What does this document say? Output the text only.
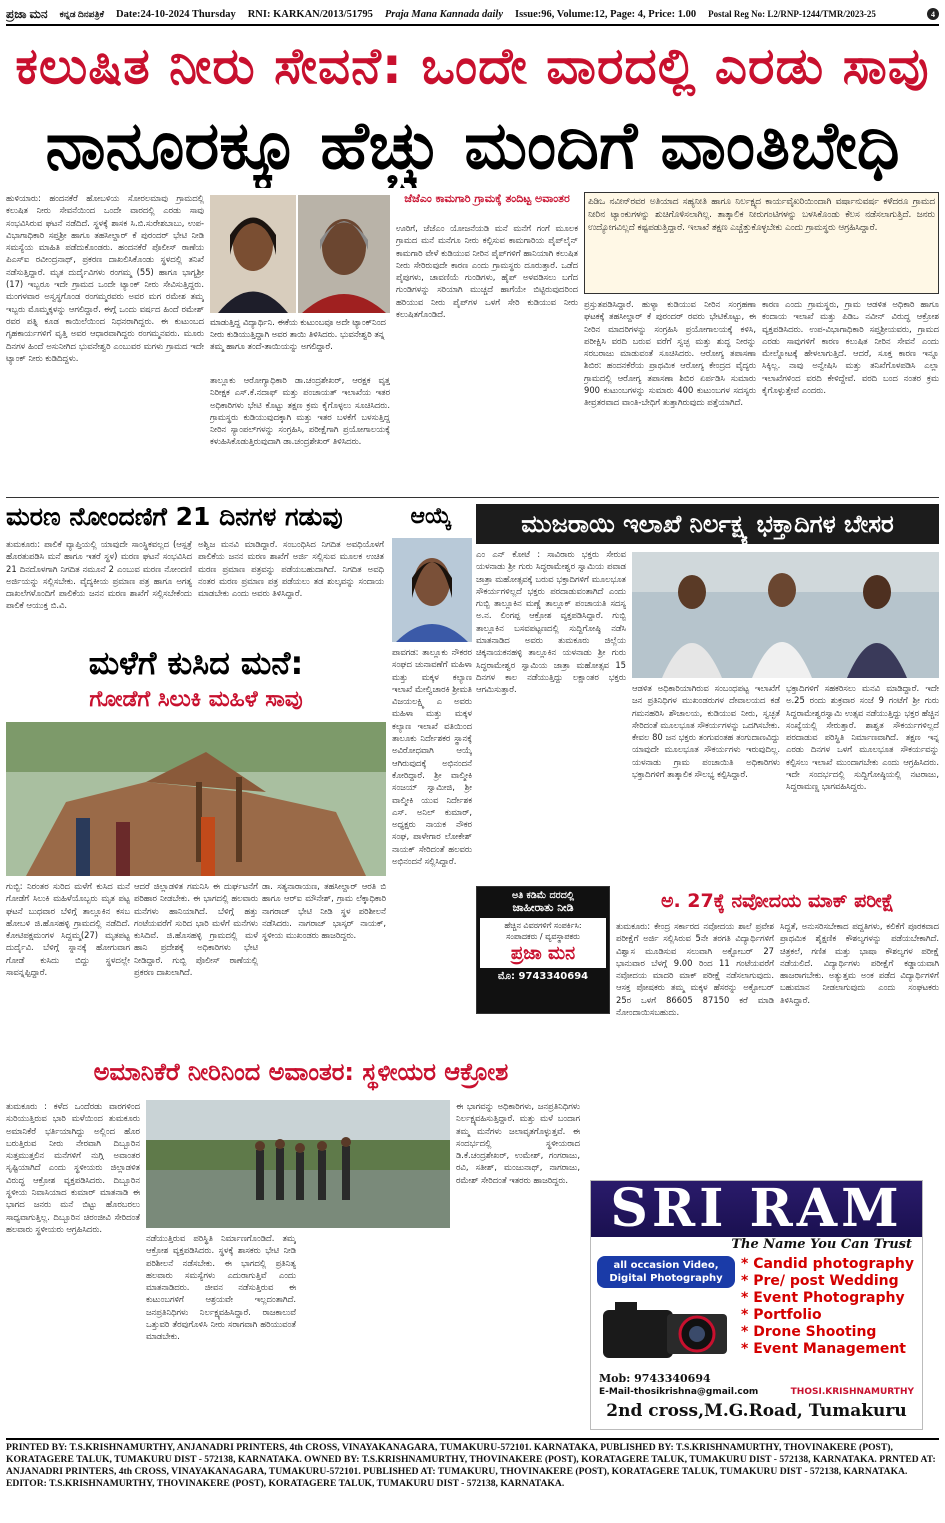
ಪ್ರಜಾ ಮನ ಕನ್ನಡ ದಿನಪತ್ರಿಕೆ Date:24-10-2024 Thursday RNI: KARKAN/2013/51795 Praja Mana Kannada daily Issue:96, Volume:12, Page: 4, Price: 1.00 Postal Reg No: L2/RNP-1244/TMR/2023-25	4
ಕಲುಷಿತ ನೀರು ಸೇವನೆ: ಒಂದೇ ವಾರದಲ್ಲಿ ಎರಡು ಸಾವು
ನಾನೂರಕ್ಕೂ ಹೆಚ್ಚು ಮಂದಿಗೆ ವಾಂತಿಬೇಧಿ
ಹುಳಿಯಾರು: ಹಂದನಕೆರೆ ಹೋಬಳಿಯ ಸೋರಲಮಾವು ಗ್ರಾಮದಲ್ಲಿ ಕಲುಷಿತ ನೀರು ಸೇವನೆಯಿಂದ ಒಂದೇ ವಾರದಲ್ಲಿ ಎರಡು ಸಾವು ಸಂಭವಿಸಿರುವ ಘಟನೆ ನಡೆದಿದೆ. ಸ್ಥಳಕ್ಕೆ ಶಾಸಕ ಸಿ.ಬಿ.ಸುರೇಶಬಾಬು, ಉಪ-ವಿಭಾಗಾಧಿಕಾರಿ ಸಪ್ತಶ್ರೀ ಹಾಗೂ ತಹಸೀಲ್ದಾರ್ ಕೆ ಪುರಂದರ್ ಭೇಟಿ ನೀಡಿ ಸಮಸ್ಯೆಯ ಮಾಹಿತಿ ಪಡೆದುಕೊಂಡರು. ಹಂದನಕೆರೆ ಪೊಲೀಸ್ ಠಾಣೆಯ ಪಿಎಸ್ಐ ರವೀಂದ್ರನಾಥ್, ಪ್ರಕರಣ ದಾಖಲಿಸಿಕೊಂಡು ಸ್ಥಳದಲ್ಲಿ ತನಿಖೆ ನಡೆಸುತ್ತಿದ್ದಾರೆ. ಮೃತ ದುರ್ದೈವಿಗಳು ರಂಗಮ್ಮ (55) ಹಾಗೂ ಭಾಗ್ಯಶ್ರೀ (17) ಇಬ್ಬರೂ ಇದೇ ಗ್ರಾಮದ ಒಂದೇ ಟ್ಯಾಂಕ್ ನೀರು ಸೇವಿಸುತ್ತಿದ್ದರು. ಮಂಗಳವಾರ ಅಸ್ವಸ್ಥಗೊಂಡ ರಂಗಮ್ಮರವರು ಅವರ ಮಗ ರಮೇಶ ತಮ್ಮ ಇಬ್ಬರು ಮೊಮ್ಮಕ್ಕಳನ್ನು ಆಗಲಿದ್ದಾರೆ. ಈಗ್ಗೆ ಒಂದು ವರ್ಷದ ಹಿಂದೆ ರಮೇಶ್ ರವರ ಪತ್ನಿ ಕೂಡ ಕಾಯಿಲೆಯಿಂದ ನಿಧನರಾಗಿದ್ದರು. ಈ ಕುಟುಂಬದ ಗೃಹಕಾರ್ಯಗಳಿಗೆ ವೃತ್ತಿ ಅವರ ಆಧಾರವಾಗಿದ್ದರು ರಂಗಮ್ಮನವರು. ಮೂರು ದಿನಗಳ ಹಿಂದೆ ಅಸುನೀಗಿದ ಭುವನೇಶ್ವರಿ ಎಂಬುವರ ಮಗಳು ಗ್ರಾಮದ ಇದೇ ಟ್ಯಾಂಕ್ ನೀರು ಕುಡಿದಿದ್ದಳು.
ಮಾಡುತ್ತಿದ್ದ ವಿದ್ಯಾರ್ಥಿನಿ. ಈಕೆಯ ಕುಟುಂಬವೂ ಅದೇ ಟ್ಯಾಂಕ್‌ನಿಂದ ನೀರು ಕುಡಿಯುತ್ತಿದ್ದಾಗಿ ಅವರ ತಾಯಿ ತಿಳಿಸಿದರು. ಭುವನೇಶ್ವರಿ ತನ್ನ ತಮ್ಮ ಹಾಗೂ ತಂದೆ-ತಾಯಿಯನ್ನು ಅಗಲಿದ್ದಾರೆ.
ತಾಲ್ಲೂಕು ಆರೋಗ್ಯಾಧಿಕಾರಿ ಡಾ.ಚಂದ್ರಶೇಖರ್, ಆರಕ್ಷಕ ವೃತ್ತ ನಿರೀಕ್ಷಕ ಎಸ್.ಕೆ.ನದಾಫ್ ಮತ್ತು ಪಂಚಾಯತ್ ಇಲಾಖೆಯ ಇತರ ಅಧಿಕಾರಿಗಳು ಭೇಟಿ ಕೊಟ್ಟು ತಕ್ಷಣ ಕ್ರಮ ಕೈಗೊಳ್ಳಲು ಸೂಚಿಸಿದರು. ಗ್ರಾಮಸ್ಥರು ಕುಡಿಯುವುದಕ್ಕಾಗಿ ಮತ್ತು ಇತರ ಬಳಕೆಗೆ ಬಳಸುತ್ತಿದ್ದ ನೀರಿನ ಸ್ಯಾಂಪಲ್‌ಗಳನ್ನು ಸಂಗ್ರಹಿಸಿ, ಪರೀಕ್ಷೆಗಾಗಿ ಪ್ರಯೋಗಾಲಯಕ್ಕೆ ಕಳುಹಿಸಿಕೊಡುತ್ತಿರುವುದಾಗಿ ಡಾ.ಚಂದ್ರಶೇಖರ್ ತಿಳಿಸಿದರು.
ಜೆಜೆಎಂ ಕಾಮಗಾರಿ ಗ್ರಾಮಕ್ಕೆ ತಂದಿಟ್ಟ ಅವಾಂತರ
ಊರಿಗೆ, ಜೆಜೆಎಂ ಯೋಜನೆಯಡಿ ಮನೆ ಮನೆಗೆ ಗಂಗೆ ಮೂಲಕ ಗ್ರಾಮದ ಮನೆ ಮನೆಗೂ ನೀರು ಕಲ್ಪಿಸುವ ಕಾಮಗಾರಿಯ ಪೈಪ್‌ಲೈನ್ ಕಾಮಗಾರಿ ವೇಳೆ ಕುಡಿಯುವ ನೀರಿನ ಪೈಪ್‌ಗಳಿಗೆ ಹಾನಿಯಾಗಿ ಕಲುಷಿತ ನೀರು ಸೇರಿರುವುದೇ ಕಾರಣ ಎಂದು ಗ್ರಾಮಸ್ಥರು ದೂರುತ್ತಾರೆ. ಒಡೆದ ಪೈಪುಗಳು, ಚಾವಣಿಯೆ ಗುಂಡಿಗಳು, ಹೈಪ್ ಅಳವಡಿಸಲು ಬಗೆದ ಗುಂಡಿಗಳನ್ನು ಸರಿಯಾಗಿ ಮುಚ್ಚದೆ ಹಾಗೆಯೇ ಬಿಟ್ಟಿರುವುದರಿಂದ ಹರಿಯುವ ನೀರು ಪೈಪ್‌ಗಳ ಒಳಗೆ ಸೇರಿ ಕುಡಿಯುವ ನೀರು ಕಲುಷಿತಗೊಂಡಿದೆ.
ಪಿಡಿಒ ನವೀನ್‌ರವರ ಅತಿಯಾದ ಸಹ್ಯನೀತಿ ಹಾಗೂ ನಿರ್ಲಕ್ಷ್ಯದ ಕಾರ್ಯವೈಖರಿಯಿಂದಾಗಿ ವರ್ಷಾನುವರ್ಷ ಕಳೆದರೂ ಗ್ರಾಮದ ನೀರಿನ ಟ್ಯಾಂಕುಗಳನ್ನು ಶುಚಿಗೊಳಿಸಲಾಗಿಲ್ಲ. ತಾತ್ಕಾಲಿಕ ನೀರುಗಂಟಿಗಳನ್ನು ಬಳಸಿಕೊಂಡು ಕೆಲಸ ನಡೆಸಲಾಗುತ್ತಿದೆ. ಜನರು ಉದ್ಯೋಗವಿಲ್ಲದೆ ಕಷ್ಟಪಡುತ್ತಿದ್ದಾರೆ. ಇಲಾಖೆ ತಕ್ಷಣ ಎಚ್ಚೆತ್ತುಕೊಳ್ಳಬೇಕು ಎಂದು ಗ್ರಾಮಸ್ಥರು ಆಗ್ರಹಿಸಿದ್ದಾರೆ.
ಪ್ರಸ್ತುತಪಡಿಸಿದ್ದಾರೆ. ಹುಳ್ಯಾ ಕುಡಿಯುವ ನೀರಿನ ಸಂಗ್ರಹಣಾ ಘಟಕಕ್ಕೆ ತಹಸೀಲ್ದಾರ್ ಕೆ ಪುರಂದರ್ ರವರು ಭೇಟಿಕೊಟ್ಟು, ಈ ನೀರಿನ ಮಾದರಿಗಳನ್ನು ಸಂಗ್ರಹಿಸಿ ಪ್ರಯೋಗಾಲಯಕ್ಕೆ ಕಳಿಸಿ, ಪರೀಕ್ಷಿಸಿ ವರದಿ ಬರುವ ವರೆಗೆ ಸ್ವಚ್ಛ ಮತ್ತು ಶುದ್ಧ ನೀರನ್ನು ಸರಬರಾಜು ಮಾಡುವಂತೆ ಸೂಚಿಸಿದರು. ಆರೋಗ್ಯ ತಪಾಸಣಾ ಶಿಬಿರ: ಹಂದನಕೆರೆಯ ಪ್ರಾಥಮಿಕ ಆರೋಗ್ಯ ಕೇಂದ್ರದ ವೈದ್ಯರು ಗ್ರಾಮದಲ್ಲಿ ಆರೋಗ್ಯ ತಪಾಸಣಾ ಶಿಬಿರ ಏರ್ಪಡಿಸಿ ಸುಮಾರು 900 ಕುಟುಂಬಗಳನ್ನು ಸುಮಾರು 400 ಕುಟುಂಬಗಳ ಸದಸ್ಯರು ತೀವ್ರತರವಾದ ವಾಂತಿ-ಬೇಧಿಗೆ ತುತ್ತಾಗಿರುವುದು ಪತ್ತೆಯಾಗಿದೆ.
ಕಾರಣ ಎಂದು ಗ್ರಾಮಸ್ಥರು, ಗ್ರಾಮ ಆಡಳಿತ ಅಧಿಕಾರಿ ಹಾಗೂ ಕಂದಾಯ ಇಲಾಖೆ ಮತ್ತು ಪಿಡಿಒ ನವೀನ್ ವಿರುದ್ಧ ಆಕ್ರೋಶ ವ್ಯಕ್ತಪಡಿಸಿದರು. ಉಪ-ವಿಭಾಗಾಧಿಕಾರಿ ಸಪ್ತಶ್ರೀಯವರು, ಗ್ರಾಮದ ಎರಡು ಸಾವುಗಳಿಗೆ ಕಾರಣ ಕಲುಷಿತ ನೀರಿನ ಸೇವನೆ ಎಂದು ಮೇಲ್ನೋಟಕ್ಕೆ ಹೇಳಲಾಗುತ್ತಿದೆ. ಆದರೆ, ಸೂಕ್ತ ಕಾರಣ ಇನ್ನೂ ಸಿಕ್ಕಿಲ್ಲ. ನಾವು ಅನ್ವೇಷಿಸಿ ಮತ್ತು ತನಿಖೆಗೊಳಪಡಿಸಿ ಎಲ್ಲಾ ಇಲಾಖೆಗಳಿಂದ ವರದಿ ಕೇಳಿದ್ದೇವೆ. ವರದಿ ಬಂದ ನಂತರ ಕ್ರಮ ಕೈಗೊಳ್ಳುತ್ತೇವೆ ಎಂದರು.
ಮರಣ ನೋಂದಣಿಗೆ 21 ದಿನಗಳ ಗಡುವು
ತುಮಕೂರು: ಪಾಲಿಕೆ ವ್ಯಾಪ್ತಿಯಲ್ಲಿ ಯಾವುದೇ ಸಾಂಸ್ಥಿಕವಲ್ಲದ (ಆಸ್ಪತ್ರೆ ಹೊರತುಪಡಿಸಿ ಮನೆ ಹಾಗೂ ಇತರೆ ಸ್ಥಳ) ಮರಣ ಘಟನೆ ಸಂಭವಿಸಿದ 21 ದಿನದೊಳಗಾಗಿ ನಿಗದಿತ ನಮೂನೆ 2 ಎಂಬುವ ಮರಣ ನೋಂದಣಿ ಅರ್ಜಿಯನ್ನು ಸಲ್ಲಿಸಬೇಕು. ವೈದ್ಯಕೀಯ ಪ್ರಮಾಣ ಪತ್ರ ಹಾಗೂ ಅಗತ್ಯ ದಾಖಲೆಗಳೊಂದಿಗೆ ಪಾಲಿಕೆಯ ಜನನ ಮರಣ ಶಾಖೆಗೆ ಸಲ್ಲಿಸಬೇಕೆಂದು ಪಾಲಿಕೆ ಆಯುಕ್ತ ಬಿ.ವಿ.
ಅಶ್ವಿಜ ಮನವಿ ಮಾಡಿದ್ದಾರೆ. ಸಂಬಂಧಿಸಿದ ನಿಗದಿತ ಅವಧಿಯೊಳಗೆ ಪಾಲಿಕೆಯ ಜನನ ಮರಣ ಶಾಖೆಗೆ ಅರ್ಜಿ ಸಲ್ಲಿಸುವ ಮೂಲಕ ಉಚಿತ ಮರಣ ಪ್ರಮಾಣ ಪತ್ರವನ್ನು ಪಡೆಯಬಹುದಾಗಿದೆ. ನಿಗದಿತ ಅವಧಿ ನಂತರ ಮರಣ ಪ್ರಮಾಣ ಪತ್ರ ಪಡೆಯಲು ತಡ ಶುಲ್ಕವನ್ನು ಸಂದಾಯ ಮಾಡಬೇಕು ಎಂದು ಅವರು ತಿಳಿಸಿದ್ದಾರೆ.
ಆಯ್ಕೆ
ಪಾವಗಡ: ತಾಲ್ಲೂಕು ನೌಕರರ ಸಂಘದ ಚುನಾವಣೆಗೆ ಮಹಿಳಾ ಮತ್ತು ಮಕ್ಕಳ ಕಲ್ಯಾಣ ಇಲಾಖೆ ಮೇಲ್ವಿಚಾರಕಿ ಶ್ರೀಮತಿ ವಿಜಯಲಕ್ಷ್ಮಿ ಎ ಅವರು ಮಹಿಳಾ ಮತ್ತು ಮಕ್ಕಳ ಕಲ್ಯಾಣ ಇಲಾಖೆ ವತಿಯಿಂದ ತಾಲೂಕು ನಿರ್ದೇಶಕರ ಸ್ಥಾನಕ್ಕೆ ಅವಿರೋಧವಾಗಿ ಆಯ್ಕೆ ಆಗಿರುವುದಕ್ಕೆ ಅಭಿನಂದನೆ ಕೋರಿದ್ದಾರೆ. ಶ್ರೀ ವಾಲ್ಮೀಕಿ ಸಂಜಯ್ ಸ್ವಾಮೀಜಿ, ಶ್ರೀ ವಾಲ್ಮೀಕಿ ಯುವ ನಿರ್ದೇಶಕ ಎಸ್. ಅನಿಲ್ ಕುಮಾರ್, ಅಧ್ಯಕ್ಷರು ನಾಯಕ ನೌಕರ ಸಂಘ, ಪಾಳೇಗಾರ ಲೋಕೇಶ್ ನಾಯಕ್ ಸೇರಿದಂತೆ ಹಲವರು ಅಭಿನಂದನೆ ಸಲ್ಲಿಸಿದ್ದಾರೆ.
ಮುಜರಾಯಿ ಇಲಾಖೆ ನಿರ್ಲಕ್ಷ್ಯ ಭಕ್ತಾದಿಗಳ ಬೇಸರ
ಎಂ ಎನ್ ಕೋಟೆ : ಸಾವಿರಾರು ಭಕ್ತರು ಸೇರುವ ಯಳನಾಡು ಶ್ರೀ ಗುರು ಸಿದ್ಧರಾಮೇಶ್ವರ ಸ್ವಾಮಿಯ ಪವಾಡ ಜಾತ್ರಾ ಮಹೋತ್ಸವಕ್ಕೆ ಬರುವ ಭಕ್ತಾದಿಗಳಿಗೆ ಮೂಲಭೂತ ಸೌಕರ್ಯಗಳಿಲ್ಲದೆ ಭಕ್ತರು ಪರದಾಡುವಂತಾಗಿದೆ ಎಂದು ಗುಬ್ಬಿ ತಾಲ್ಲೂಕಿನ ಮಣ್ಣೆ ತಾಲ್ಲೂಕ್ ಪಂಚಾಯತಿ ಸದಸ್ಯ ಅ.ನ. ಲಿಂಗಪ್ಪ ಆಕ್ರೋಶ ವ್ಯಕ್ತಪಡಿಸಿದ್ದಾರೆ. ಗುಬ್ಬಿ ತಾಲ್ಲೂಕಿನ ಬಸವಪಟ್ಟಣದಲ್ಲಿ ಸುದ್ದಿಗೋಷ್ಠಿ ನಡೆಸಿ ಮಾತನಾಡಿದ ಅವರು ತುಮಕೂರು ಜಿಲ್ಲೆಯ ಚಿಕ್ಕನಾಯಕನಹಳ್ಳಿ ತಾಲ್ಲೂಕಿನ ಯಳನಾಡು ಶ್ರೀ ಗುರು ಸಿದ್ಧರಾಮೇಶ್ವರ ಸ್ವಾಮಿಯ ಜಾತ್ರಾ ಮಹೋತ್ಸವ 15 ದಿನಗಳ ಕಾಲ ನಡೆಯುತ್ತಿದ್ದು ಲಕ್ಷಾಂತರ ಭಕ್ತರು ಆಗಮಿಸುತ್ತಾರೆ.	ಆಡಳಿತ ಅಧಿಕಾರಿಯಾಗಿರುವ ಸಂಬಂಧಪಟ್ಟ ಇಲಾಖೆಗೆ ಜನ ಪ್ರತಿನಿಧಿಗಳ ಮುಖಂಡರುಗಳ ದೇವಾಲಯದ ಕಡೆ ಗಮನಹರಿಸಿ ಶೌಚಾಲಯ, ಕುಡಿಯುವ ನೀರು, ಸ್ವಚ್ಛತೆ ಸೇರಿದಂತೆ ಮೂಲಭೂತ ಸೌಕರ್ಯಗಳನ್ನು ಒದಗಿಸಬೇಕು. ಕೇವಲ 80 ಜನ ಭಕ್ತರು ತಂಗುವಂತಹ ತಂಗುದಾಣವಿದ್ದು ಯಾವುದೇ ಮೂಲಭೂತ ಸೌಕರ್ಯಗಳು ಇರುವುದಿಲ್ಲ. ಯಳನಾಡು ಗ್ರಾಮ ಪಂಚಾಯಿತಿ ಅಧಿಕಾರಿಗಳು ಭಕ್ತಾದಿಗಳಿಗೆ ತಾತ್ಕಾಲಿಕ ಸೌಲಭ್ಯ ಕಲ್ಪಿಸಿದ್ದಾರೆ.
ಭಕ್ತಾದಿಗಳಿಗೆ ಸಹಕರಿಸಲು ಮನವಿ ಮಾಡಿದ್ದಾರೆ. ಇದೇ ಅ.25 ರಂದು ಶುಕ್ರವಾರ ಸಂಜೆ 9 ಗಂಟೆಗೆ ಶ್ರೀ ಗುರು ಸಿದ್ದರಾಮೇಶ್ವರಸ್ವಾಮಿ ಉತ್ಸವ ನಡೆಯುತ್ತಿದ್ದು ಭಕ್ತರ ಹೆಚ್ಚಿನ ಸಂಖ್ಯೆಯಲ್ಲಿ ಸೇರುತ್ತಾರೆ. ಶಾಶ್ವತ ಸೌಕರ್ಯಗಳಿಲ್ಲದೆ ಪರದಾಡುವ ಪರಿಸ್ಥಿತಿ ನಿರ್ಮಾಣವಾಗಿದೆ. ತಕ್ಷಣ ಇನ್ನ ಎರಡು ದಿನಗಳ ಒಳಗೆ ಮೂಲಭೂತ ಸೌಕರ್ಯವನ್ನು ಕಲ್ಪಿಸಲು ಇಲಾಖೆ ಮುಂದಾಗಬೇಕು ಎಂದು ಆಗ್ರಹಿಸಿದರು. ಇದೇ ಸಂದರ್ಭದಲ್ಲಿ ಸುದ್ದಿಗೋಷ್ಠಿಯಲ್ಲಿ ನಟರಾಜು, ಸಿದ್ದರಾಮಣ್ಣ ಭಾಗವಹಿಸಿದ್ದರು.
ಮಳೆಗೆ ಕುಸಿದ ಮನೆ:
ಗೋಡೆಗೆ ಸಿಲುಕಿ ಮಹಿಳೆ ಸಾವು
ಗುಬ್ಬಿ: ನಿರಂತರ ಸುರಿದ ಮಳೆಗೆ ಕುಸಿದ ಮನೆ ಗೋಡೆಗೆ ಸಿಲುಕಿ ಮಹಿಳೆಯೊಬ್ಬರು ಮೃತ ಪಟ್ಟ ಘಟನೆ ಬುಧವಾರ ಬೆಳಿಗ್ಗೆ ತಾಲ್ಲೂಕಿನ ಕಸಬ ಹೋಬಳಿ ಜಿ.ಹೊಸಹಳ್ಳಿ ಗ್ರಾಮದಲ್ಲಿ ನಡೆದಿದೆ. ಕೋಟಿಪಕ್ಷಮಂಗಳ ಸಿದ್ದಮ್ಮ(27) ಮೃತಪಟ್ಟ ದುರ್ದೈವಿ. ಬೆಳಿಗ್ಗೆ ಸ್ನಾನಕ್ಕೆ ಹೋಗುವಾಗ ಗೋಡೆ ಕುಸಿದು ಬಿದ್ದು ಸ್ಥಳದಲ್ಲೇ ಸಾವನ್ನಪ್ಪಿದ್ದಾರೆ.
ಆದರೆ ಜಿಲ್ಲಾಡಳಿತ ಗಮನಿಸಿ ಈ ದುರ್ಘಟನೆಗೆ ಪರಿಹಾರ ನೀಡಬೇಕು. ಈ ಭಾಗದಲ್ಲಿ ಹಲವಾರು ಮನೆಗಳು ಹಾನಿಯಾಗಿದೆ. ಬೆಳಿಗ್ಗೆ ಹತ್ತು ಗಂಟೆಯವರೆಗೆ ಸುರಿದ ಭಾರಿ ಮಳೆಗೆ ಮನೆಗಳು ಕುಸಿದಿವೆ. ಜಿ.ಹೊಸಹಳ್ಳಿ ಗ್ರಾಮದಲ್ಲಿ ಮಳೆ ಹಾನಿ ಪ್ರದೇಶಕ್ಕೆ ಅಧಿಕಾರಿಗಳು ಭೇಟಿ ನೀಡಿದ್ದಾರೆ. ಗುಬ್ಬಿ ಪೊಲೀಸ್ ಠಾಣೆಯಲ್ಲಿ ಪ್ರಕರಣ ದಾಖಲಾಗಿದೆ.
ಡಾ. ಸತ್ಯನಾರಾಯಣ, ತಹಸೀಲ್ದಾರ್ ಆರತಿ ಬಿ ಹಾಗೂ ಆರ್‌ಐ ಮೌನೇಶ್, ಗ್ರಾಮ ಲೆಕ್ಕಾಧಿಕಾರಿ ನಾಗರಾಜ್ ಭೇಟಿ ನೀಡಿ ಸ್ಥಳ ಪರಿಶೀಲನೆ ನಡೆಸಿದರು. ನಾಗರಾಜ್ ಭಾಸ್ಕರ್ ನಾಯಕ್, ಸ್ಥಳೀಯ ಮುಖಂಡರು ಹಾಜರಿದ್ದರು.
ಅತಿ ಕಡಿಮೆ ದರದಲ್ಲಿ
ಜಾಹೀರಾತು ನೀಡಿ
ಹೆಚ್ಚಿನ ವಿವರಗಳಿಗೆ ಸಂಪರ್ಕಿಸಿ:
ಸಂಪಾದಕರು / ವ್ಯವಸ್ಥಾಪಕರು
ಪ್ರಜಾ ಮನ
ಮೊ: 9743340694
ಅ. 27ಕ್ಕೆ ನವೋದಯ ಮಾಕ್ ಪರೀಕ್ಷೆ
ತುಮಕೂರು: ಕೇಂದ್ರ ಸರ್ಕಾರದ ನವೋದಯ ಶಾಲೆ ಪ್ರವೇಶ ಪರೀಕ್ಷೆಗೆ ಅರ್ಜಿ ಸಲ್ಲಿಸಿರುವ 5ನೇ ತರಗತಿ ವಿದ್ಯಾರ್ಥಿಗಳಿಗೆ ವಿಶ್ವಾಸ ಮೂಡಿಸುವ ಸಲುವಾಗಿ ಅಕ್ಟೋಬರ್ 27 ಭಾನುವಾರ ಬೆಳಗ್ಗೆ 9.00 ರಿಂದ 11 ಗಂಟೆಯವರೆಗೆ ನವೋದಯ ಮಾದರಿ ಮಾಕ್ ಪರೀಕ್ಷೆ ನಡೆಸಲಾಗುವುದು. ಆಸಕ್ತ ಪೋಷಕರು ತಮ್ಮ ಮಕ್ಕಳ ಹೆಸರನ್ನು ಅಕ್ಟೋಬರ್ 25ರ ಒಳಗೆ 86605 87150 ಕರೆ ಮಾಡಿ ನೋಂದಾಯಿಸಬಹುದು.
ಸಿದ್ದತೆ, ಅನುಸರಿಸಬೇಕಾದ ಪದ್ದತಿಗಳು, ಕಲಿಕೆಗೆ ಪೂರಕವಾದ ಪ್ರಾಥಮಿಕ ಶೈಕ್ಷಣಿಕ ಕೌಶಲ್ಯಗಳನ್ನು ಪಡೆಯಬೇಕಾಗಿದೆ. ಚಿತ್ರಕಲೆ, ಗಣಿತ ಮತ್ತು ಭಾಷಾ ಕೌಶಲ್ಯಗಳ ಪರೀಕ್ಷೆ ನಡೆಯಲಿದೆ. ವಿದ್ಯಾರ್ಥಿಗಳು ಪರೀಕ್ಷೆಗೆ ಕಡ್ಡಾಯವಾಗಿ ಹಾಜರಾಗಬೇಕು. ಅತ್ಯುತ್ತಮ ಅಂಕ ಪಡೆದ ವಿದ್ಯಾರ್ಥಿಗಳಿಗೆ ಬಹುಮಾನ ನೀಡಲಾಗುವುದು ಎಂದು ಸಂಘಟಕರು ತಿಳಿಸಿದ್ದಾರೆ.
ಅಮಾನಿಕೆರೆ ನೀರಿನಿಂದ ಅವಾಂತರ: ಸ್ಥಳೀಯರ ಆಕ್ರೋಶ
ತುಮಕೂರು : ಕಳೆದ ಒಂದೆರಡು ವಾರಗಳಿಂದ ಸುರಿಯುತ್ತಿರುವ ಭಾರಿ ಮಳೆಯಿಂದ ತುಮಕೂರು ಅಮಾನಿಕೆರೆ ಭರ್ತಿಯಾಗಿದ್ದು ಅಲ್ಲಿಂದ ಹೊರ ಬರುತ್ತಿರುವ ನೀರು ನೇರವಾಗಿ ದಿಬ್ಬೂರಿನ ಸುತ್ತಮುತ್ತಲಿನ ಮನೆಗಳಿಗೆ ನುಗ್ಗಿ ಅವಾಂತರ ಸೃಷ್ಟಿಯಾಗಿದೆ ಎಂದು ಸ್ಥಳೀಯರು ಜಿಲ್ಲಾಡಳಿತ ವಿರುದ್ಧ ಆಕ್ರೋಶ ವ್ಯಕ್ತಪಡಿಸಿದರು. ದಿಬ್ಬೂರಿನ ಸ್ಥಳೀಯ ನಿವಾಸಿಯಾದ ಕುಮಾರ್ ಮಾತನಾಡಿ ಈ ಭಾಗದ ಜನರು ಮನೆ ಬಿಟ್ಟು ಹೊರಬರಲು ಸಾಧ್ಯವಾಗುತ್ತಿಲ್ಲ. ದಿಬ್ಬೂರಿನ ಚಿರಂಜೀವಿ ಸೇರಿದಂತೆ ಹಲವಾರು ಸ್ಥಳೀಯರು ಆಗ್ರಹಿಸಿದರು.
ನಡೆಯುತ್ತಿರುವ ಪರಿಸ್ಥಿತಿ ನಿರ್ಮಾಣಗೊಂಡಿದೆ. ತಮ್ಮ ಆಕ್ರೋಶ ವ್ಯಕ್ತಪಡಿಸಿದರು. ಸ್ಥಳಕ್ಕೆ ಶಾಸಕರು ಭೇಟಿ ನೀಡಿ ಪರಿಶೀಲನೆ ನಡೆಸಬೇಕು. ಈ ಭಾಗದಲ್ಲಿ ಪ್ರತಿನಿತ್ಯ ಹಲವಾರು ಸಮಸ್ಯೆಗಳು ಎದುರಾಗುತ್ತಿವೆ ಎಂದು ಮಾತನಾಡಿದರು. ಜೀವನ ನಡೆಸುತ್ತಿರುವ ಈ ಕುಟುಂಬಗಳಿಗೆ ಆಶ್ರಯವೇ ಇಲ್ಲದಂತಾಗಿದೆ. ಜನಪ್ರತಿನಿಧಿಗಳು ನಿರ್ಲಕ್ಷ್ಯವಹಿಸಿದ್ದಾರೆ. ರಾಜಕಾಲುವೆ ಒತ್ತುವರಿ ತೆರವುಗೊಳಿಸಿ ನೀರು ಸರಾಗವಾಗಿ ಹರಿಯುವಂತೆ ಮಾಡಬೇಕು.
ಈ ಭಾಗವನ್ನು ಅಧಿಕಾರಿಗಳು, ಜನಪ್ರತಿನಿಧಿಗಳು ನಿರ್ಲಕ್ಷ್ಯವಹಿಸುತ್ತಿದ್ದಾರೆ. ಮತ್ತು ಮಳೆ ಬಂದಾಗ ತಮ್ಮ ಮನೆಗಳು ಜಲಾವೃತಗೊಳ್ಳುತ್ತವೆ. ಈ ಸಂದರ್ಭದಲ್ಲಿ ಸ್ಥಳೀಯರಾದ ಡಿ.ಕೆ.ಚಂದ್ರಶೇಖರ್, ಉಮೇಶ್, ಗಂಗರಾಜು, ರವಿ, ಸತೀಶ್, ಮಂಜುನಾಥ್, ನಾಗರಾಜು, ರಮೇಶ್ ಸೇರಿದಂತೆ ಇತರರು ಹಾಜರಿದ್ದರು. SRI RAM
The Name You Can Trust
all occasion Video,
Digital Photography
* Candid photography
* Pre/ post Wedding
* Event Photography
* Portfolio
* Drone Shooting
* Event Management
Mob: 9743340694
E-Mail-thosikrishna@gmail.com	THOSI.KRISHNAMURTHY
2nd cross,M.G.Road, Tumakuru
PRINTED BY: T.S.KRISHNAMURTHY, ANJANADRI PRINTERS, 4th CROSS, VINAYAKANAGARA, TUMAKURU-572101. KARNATAKA, PUBLISHED BY: T.S.KRISHNAMURTHY, THOVINAKERE (POST), KORATAGERE TALUK, TUMAKURU DIST - 572138, KARNATAKA. OWNED BY: T.S.KRISHNAMURTHY, THOVINAKERE (POST), KORATAGERE TALUK, TUMAKURU DIST - 572138, KARNATAKA. PRNTED AT: ANJANADRI PRINTERS, 4th CROSS, VINAYAKANAGARA, TUMAKURU-572101. PUBLISHED AT: TUMAKURU, THOVINAKERE (POST), KORATAGERE TALUK, TUMAKURU DIST - 572138, KARNATAKA. EDITOR: T.S.KRISHNAMURTHY, THOVINAKERE (POST), KORATAGERE TALUK, TUMAKURU DIST - 572138, KARNATAKA.
